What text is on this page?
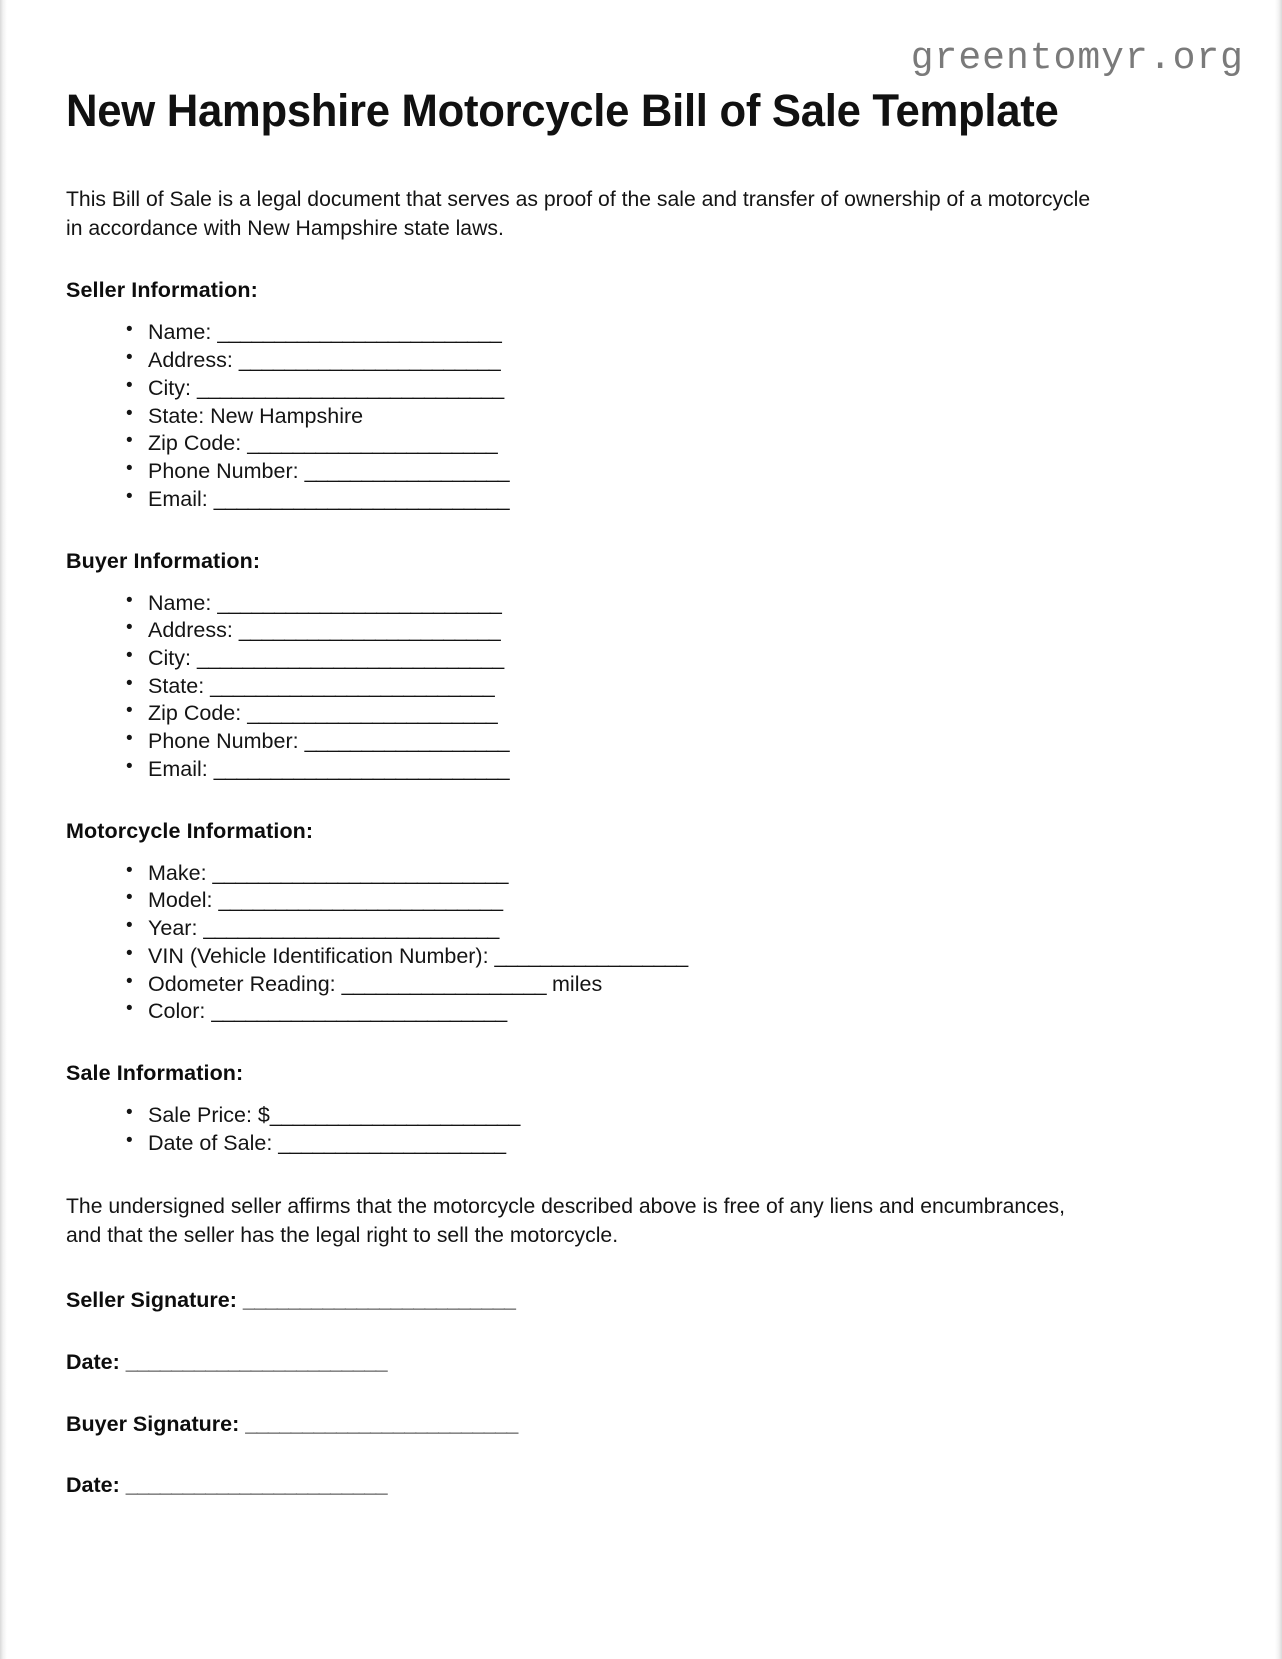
greentomyr.org
New Hampshire Motorcycle Bill of Sale Template

This Bill of Sale is a legal document that serves as proof of the sale and transfer of ownership of a motorcycle in accordance with New Hampshire state laws.

Seller Information:
• Name: _________________________
• Address: _______________________
• City: ___________________________
• State: New Hampshire
• Zip Code: ______________________
• Phone Number: __________________
• Email: __________________________
Buyer Information:
• Name: _________________________
• Address: _______________________
• City: ___________________________
• State: _________________________
• Zip Code: ______________________
• Phone Number: __________________
• Email: __________________________
Motorcycle Information:
• Make: __________________________
• Model: _________________________
• Year: __________________________
• VIN (Vehicle Identification Number): _________________
• Odometer Reading: __________________ miles
• Color: __________________________
Sale Information:
• Sale Price: $______________________
• Date of Sale: ____________________

The undersigned seller affirms that the motorcycle described above is free of any liens and encumbrances, and that the seller has the legal right to sell the motorcycle.

Seller Signature: ________________________
Date: _______________________
Buyer Signature: ________________________
Date: _______________________
